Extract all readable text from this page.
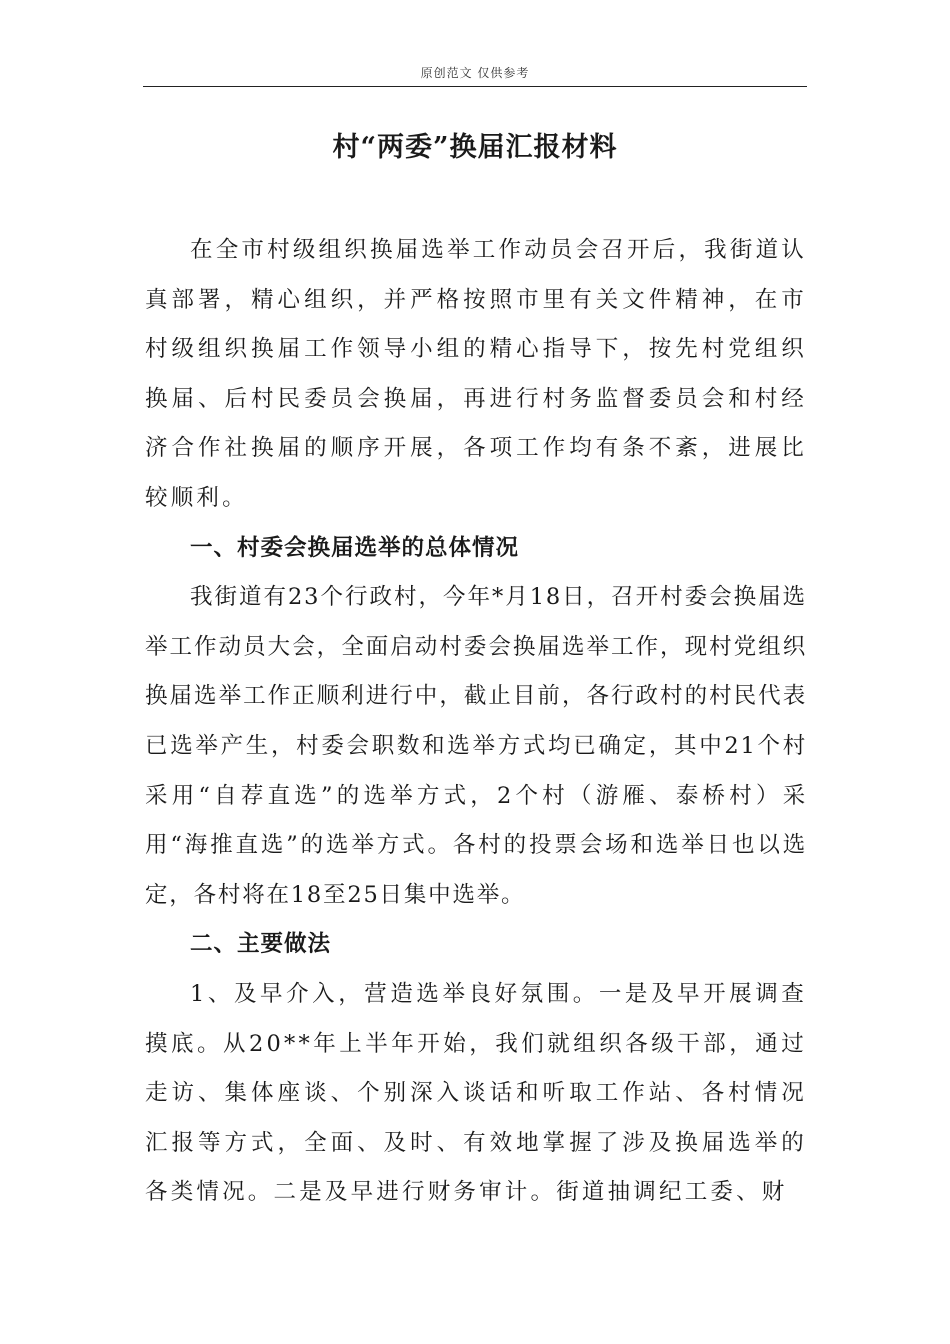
原创范文 仅供参考
村“两委”换届汇报材料

在全市村级组织换届选举工作动员会召开后，我街道认真部署，精心组织，并严格按照市里有关文件精神，在市村级组织换届工作领导小组的精心指导下，按先村党组织换届、后村民委员会换届，再进行村务监督委员会和村经济合作社换届的顺序开展，各项工作均有条不紊，进展比较顺利。

一、村委会换届选举的总体情况

我街道有23个行政村，今年*月18日，召开村委会换届选举工作动员大会，全面启动村委会换届选举工作，现村党组织换届选举工作正顺利进行中，截止目前，各行政村的村民代表已选举产生，村委会职数和选举方式均已确定，其中21个村采用“自荐直选”的选举方式，2个村（游雁、泰桥村）采用“海推直选”的选举方式。各村的投票会场和选举日也以选定，各村将在18至25日集中选举。

二、主要做法

1、及早介入，营造选举良好氛围。一是及早开展调查摸底。从20**年上半年开始，我们就组织各级干部，通过走访、集体座谈、个别深入谈话和听取工作站、各村情况汇报等方式，全面、及时、有效地掌握了涉及换届选举的各类情况。二是及早进行财务审计。街道抽调纪工委、财
